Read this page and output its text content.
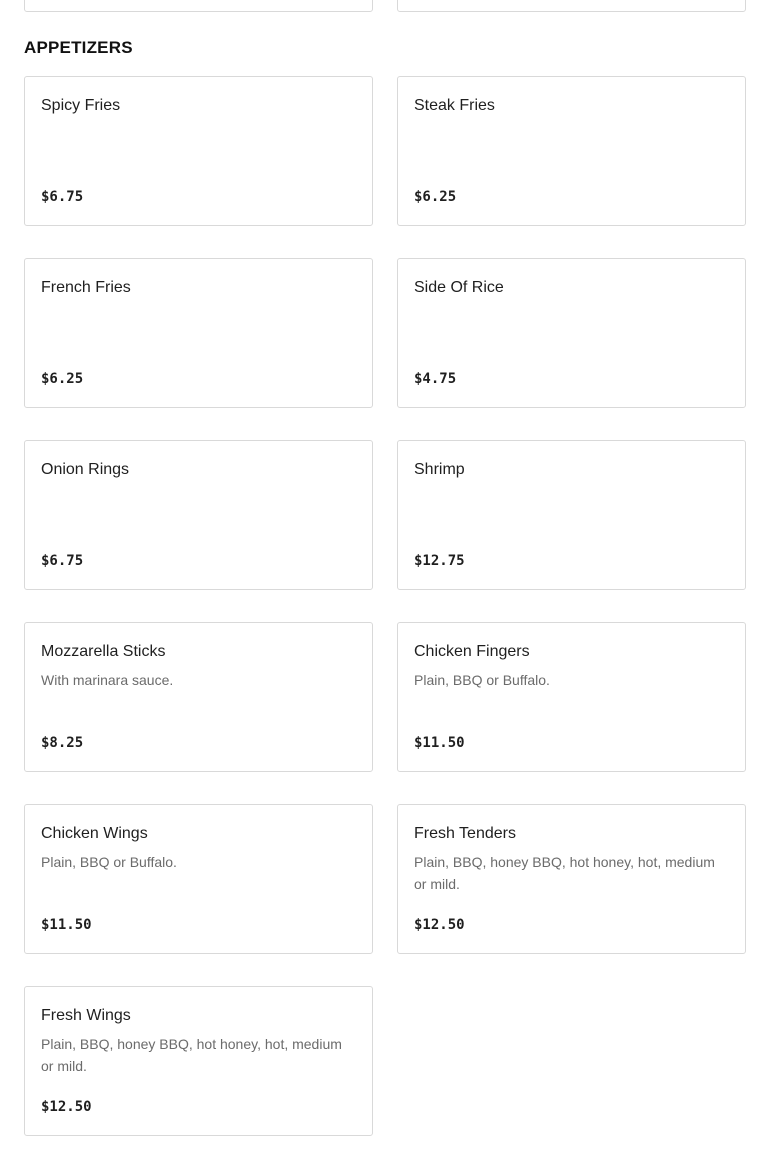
APPETIZERS

Spicy Fries

$6.75

Steak Fries

$6.25

French Fries

$6.25

Side Of Rice

$4.75

Onion Rings

$6.75

Shrimp

$12.75

Mozzarella Sticks

With marinara sauce.

$8.25

Chicken Fingers

Plain, BBQ or Buffalo.

$11.50

Chicken Wings

Plain, BBQ or Buffalo.

$11.50

Fresh Tenders

Plain, BBQ, honey BBQ, hot honey, hot, medium or mild.

$12.50

Fresh Wings

Plain, BBQ, honey BBQ, hot honey, hot, medium or mild.

$12.50
